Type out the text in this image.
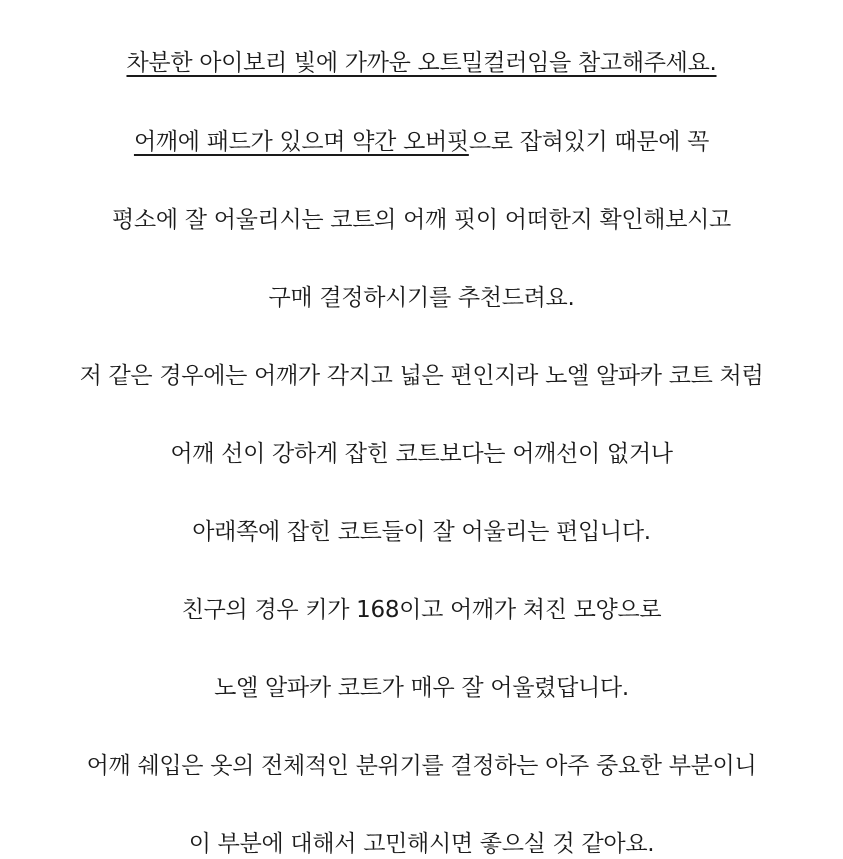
차분한 아이보리 빛에 가까운 오트밀컬러임을 참고해주세요.
어깨에 패드가 있으며 약간 오버핏으로 잡혀있기 때문에 꼭
평소에 잘 어울리시는 코트의 어깨 핏이 어떠한지 확인해보시고
구매 결정하시기를 추천드려요.
저 같은 경우에는 어깨가 각지고 넓은 편인지라 노엘 알파카 코트 처럼
어깨 선이 강하게 잡힌 코트보다는 어깨선이 없거나
아래쪽에 잡힌 코트들이 잘 어울리는 편입니다.
친구의 경우 키가 168이고 어깨가 쳐진 모양으로
노엘 알파카 코트가 매우 잘 어울렸답니다.
어깨 쉐입은 옷의 전체적인 분위기를 결정하는 아주 중요한 부분이니
이 부분에 대해서 고민해시면 좋으실 것 같아요.
